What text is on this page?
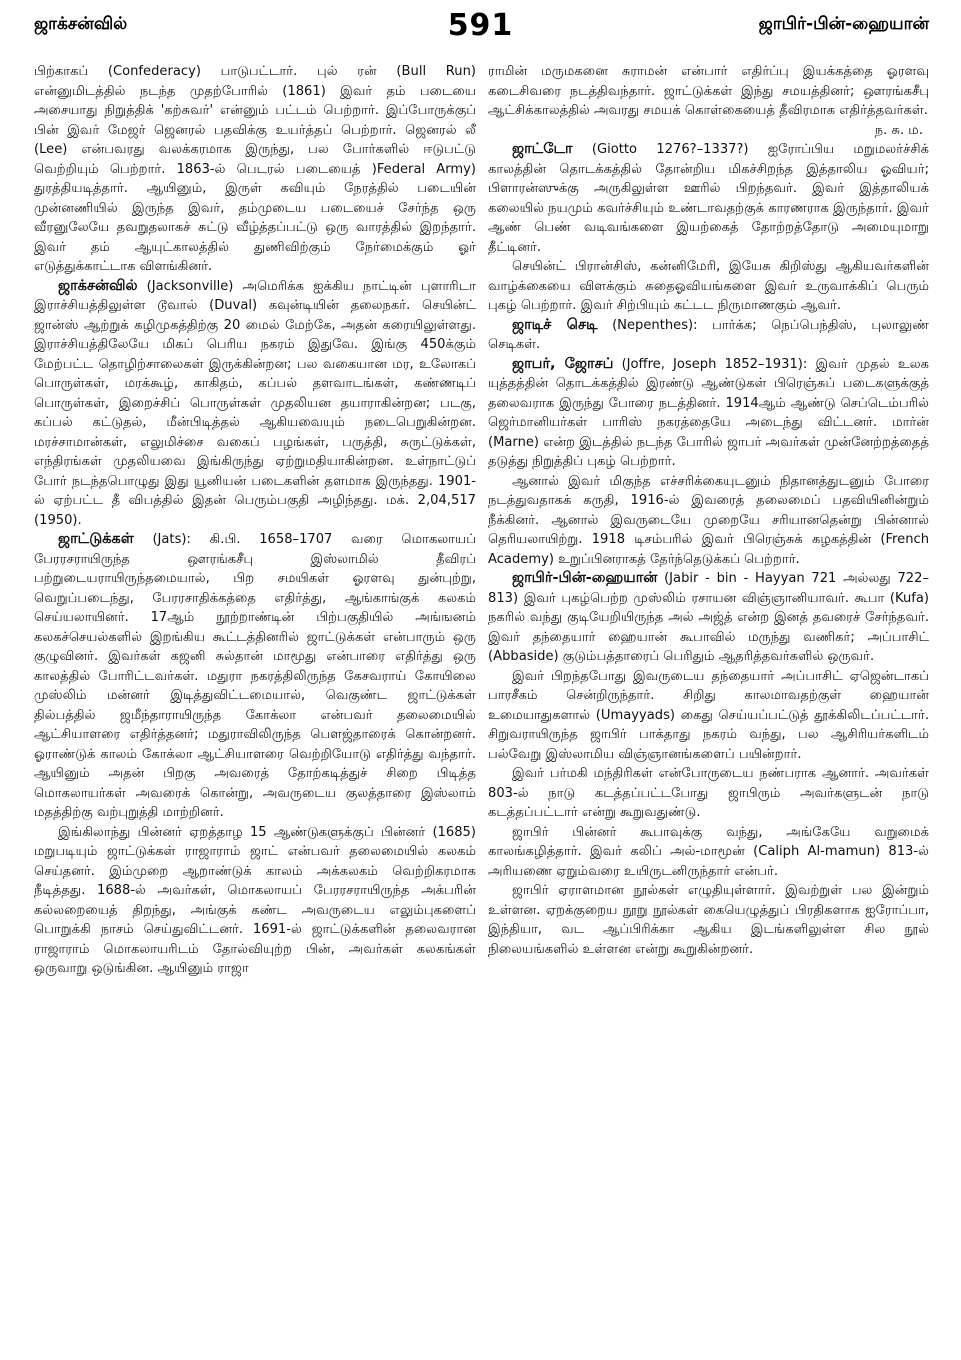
ஜாக்சன்வில்	591	ஜாபிர்-பின்-ஹையான்

பிற்காகப் (Confederacy) பாடுபட்டார். புல் ரன் (Bull Run) என்னுமிடத்தில் நடந்த முதற்போரில் (1861) இவர் தம் படையை அசையாது நிறுத்திக் 'கற்சுவர்' என்னும் பட்டம் பெற்றார். இப்போருக்குப் பின் இவர் மேஜர் ஜெனரல் பதவிக்கு உயர்த்தப் பெற்றார். ஜெனரல் லீ (Lee) என்பவரது வலக்கரமாக இருந்து, பல போர்களில் ஈடுபட்டு வெற்றியும் பெற்றார். 1863-ல் பெடரல் படையைத் )Federal Army) துரத்தியடித்தார். ஆயினும், இருள் கவியும் நேரத்தில் படையின் முன்னணியில் இருந்த இவர், தம்முடைய படையைச் சேர்ந்த ஒரு வீரனுலேயே தவறுதலாகச் சுட்டு வீழ்த்தப்பட்டு ஒரு வாரத்தில் இறந்தார். இவர் தம் ஆயுட்காலத்தில் துணிவிற்கும் நேர்மைக்கும் ஓர் எடுத்துக்காட்டாக விளங்கினர்.

ஜாக்சன்வில் (Jacksonville) அமெரிக்க ஐக்கிய நாட்டின் புளாரிடா இராச்சியத்திலுள்ள டூவால் (Duval) கவுன்டியின் தலைநகர். செயின்ட் ஜான்ஸ் ஆற்றுக் கழிமுகத்திற்கு 20 மைல் மேற்கே, அதன் கரையிலுள்ளது. இராச்சியத்திலேயே மிகப் பெரிய நகரம் இதுவே. இங்கு 450க்கும் மேற்பட்ட தொழிற்சாலைகள் இருக்கின்றன; பல வகையான மர, உலோகப் பொருள்கள், மரக்கூழ், காகிதம், கப்பல் தளவாடங்கள், கண்ணடிப் பொருள்கள், இறைச்சிப் பொருள்கள் முதலியன தயாராகின்றன; படகு, கப்பல் கட்டுதல், மீன்பிடித்தல் ஆகியவையும் நடைபெறுகின்றன. மரச்சாமான்கள், எலுமிச்சை வகைப் பழங்கள், பருத்தி, சுருட்டுக்கள், எந்திரங்கள் முதலியவை இங்கிருந்து ஏற்றுமதியாகின்றன. உள்நாட்டுப் போர் நடந்தபொழுது இது யூனியன் படைகளின் தளமாக இருந்தது. 1901-ல் ஏற்பட்ட தீ விபத்தில் இதன் பெரும்பகுதி அழிந்தது. மக். 2,04,517 (1950).

ஜாட்டுக்கள் (Jats): கி.பி. 1658–1707 வரை மொகலாயப் பேரரசராயிருந்த ஔரங்கசீபு இஸ்லாமில் தீவிரப் பற்றுடையராயிருந்தமையால், பிற சமயிகள் ஓரளவு துன்புற்று, வெறுப்படைந்து, பேரரசாதிக்கத்தை எதிர்த்து, ஆங்காங்குக் கலகம் செய்யலாயினர். 17ஆம் நூற்றாண்டின் பிற்பகுதியில் அங்ஙனம் கலகச்செயல்களில் இறங்கிய கூட்டத்தினரில் ஜாட்டுக்கள் என்பாரும் ஒரு குழுவினர். இவர்கள் கஜனி சுல்தான் மாமூது என்பாரை எதிர்த்து ஒரு காலத்தில் போரிட்டவர்கள். மதுரா நகரத்திலிருந்த கேசவராய் கோயிலை முஸ்லிம் மன்னர் இடித்துவிட்டமையால், வெகுண்ட ஜாட்டுக்கள் தில்பத்தில் ஜமீந்தாராயிருந்த கோக்லா என்பவர் தலைமையில் ஆட்சியாளரை எதிர்த்தனர்; மதுராவிலிருந்த பௌஜ்தாரைக் கொன்றனர். ஓராண்டுக் காலம் கோக்லா ஆட்சியாளரை வெற்றியோடு எதிர்த்து வந்தார். ஆயினும் அதன் பிறகு அவரைத் தோற்கடித்துச் சிறை பிடித்த மொகலாயர்கள் அவரைக் கொன்று, அவருடைய குலத்தாரை இஸ்லாம் மதத்திற்கு வற்புறுத்தி மாற்றினர்.

இங்கிலாந்து பின்னர் ஏறத்தாழ 15 ஆண்டுகளுக்குப் பின்னர் (1685) மறுபடியும் ஜாட்டுக்கள் ராஜாராம் ஜாட் என்பவர் தலைமையில் கலகம் செய்தனர். இம்முறை ஆறாண்டுக் காலம் அக்கலகம் வெற்றிகரமாக நீடித்தது. 1688-ல் அவர்கள், மொகலாயப் பேரரசராயிருந்த அக்பரின் கல்லறையைத் திறந்து, அங்குக் கண்ட அவருடைய எலும்புகளைப் பொறுக்கி நாசம் செய்துவிட்டனர். 1691-ல் ஜாட்டுக்களின் தலைவரான ராஜாராம் மொகலாயரிடம் தோல்வியுற்ற பின், அவர்கள் கலகங்கள் ஒருவாறு ஒடுங்கின. ஆயினும் ராஜா

ராமின் மருமகனை சுராமன் என்பார் எதிர்ப்பு இயக்கத்தை ஓரளவு கடைசிவரை நடத்திவந்தார். ஜாட்டுக்கள் இந்து சமயத்தினர்; ஔரங்கசீபு ஆட்சிக்காலத்தில் அவரது சமயக் கொள்கையைத் தீவிரமாக எதிர்த்தவர்கள்.

ந. சு. ம.

ஜாட்டோ (Giotto 1276?–1337?) ஐரோப்பிய மறுமலர்ச்சிக் காலத்தின் தொடக்கத்தில் தோன்றிய மிகச்சிறந்த இத்தாலிய ஓவியர்; பிளாரன்ஸுக்கு அருகிலுள்ள ஊரில் பிறந்தவர். இவர் இத்தாலியக் கலையில் நயமும் கவர்ச்சியும் உண்டாவதற்குக் காரணராக இருந்தார். இவர் ஆண் பெண் வடிவங்களை இயற்கைத் தோற்றத்தோடு அமையுமாறு தீட்டினர்.

செயின்ட் பிரான்சிஸ், கன்னிமேரி, இயேசு கிறிஸ்து ஆகியவர்களின் வாழ்க்கையை விளக்கும் சுதைஓவியங்களை இவர் உருவாக்கிப் பெரும் புகழ் பெற்றார். இவர் சிற்பியும் கட்டட நிருமாணகும் ஆவர்.

ஜாடிச் செடி (Nepenthes): பார்க்க; நெப்பெந்திஸ், புலாலுண் செடிகள்.

ஜாபர், ஜோசப் (Joffre, Joseph 1852–1931): இவர் முதல் உலக யுத்தத்தின் தொடக்கத்தில் இரண்டு ஆண்டுகள் பிரெஞ்சுப் படைகளுக்குத் தலைவராக இருந்து போரை நடத்தினர். 1914ஆம் ஆண்டு செப்டெம்பரில் ஜெர்மானியர்கள் பாரிஸ் நகரத்தையே அடைந்து விட்டனர். மார்ன் (Marne) என்ற இடத்தில் நடந்த போரில் ஜாபர் அவர்கள் முன்னேற்றத்தைத் தடுத்து நிறுத்திப் புகழ் பெற்றார்.

ஆனால் இவர் மிகுந்த எச்சரிக்கையுடனும் நிதானத்துடனும் போரை நடத்துவதாகக் கருதி, 1916-ல் இவரைத் தலைமைப் பதவியினின்றும் நீக்கினர். ஆனால் இவருடையே முறையே சரியானதென்று பின்னால் தெரியலாயிற்று. 1918 டிசம்பரில் இவர் பிரெஞ்சுக் கழகத்தின் (French Academy) உறுப்பினராகத் தேர்ந்தெடுக்கப் பெற்றார்.

ஜாபிர்-பின்-ஹையான் (Jabir - bin - Hayyan 721 அல்லது 722–813) இவர் புகழ்பெற்ற முஸ்லிம் ரசாயன விஞ்ஞானியாவர். கூபா (Kufa) நகரில் வந்து குடியேறியிருந்த அல் அஜ்த் என்ற இனத் தவரைச் சேர்ந்தவர். இவர் தந்தையார் ஹையான் கூபாவில் மருந்து வணிகர்; அப்பாசிட் (Abbaside) குடும்பத்தாரைப் பெரிதும் ஆதரித்தவர்களில் ஒருவர்.

இவர் பிறந்தபோது இவருடைய தந்தையார் அப்பாசிட் ஏஜென்டாகப் பாரசீகம் சென்றிருந்தார். சிறிது காலமாவதற்குள் ஹையான் உமையாதுகளால் (Umayyads) கைது செய்யப்பட்டுத் தூக்கிலிடப்பட்டார். சிறுவராயிருந்த ஜாபிர் பாக்தாது நகரம் வந்து, பல ஆசிரியர்களிடம் பல்வேறு இஸ்லாமிய விஞ்ஞானங்களைப் பயின்றார்.

இவர் பர்மகி மந்திரிகள் என்போருடைய நண்பராக ஆனார். அவர்கள் 803-ல் நாடு கடத்தப்பட்டபோது ஜாபிரும் அவர்களுடன் நாடு கடத்தப்பட்டார் என்று கூறுவதுண்டு.

ஜாபிர் பின்னர் கூபாவுக்கு வந்து, அங்கேயே வறுமைக் காலங்கழித்தார். இவர் கலிப் அல்-மாமூன் (Caliph Al-mamun) 813-ல் அரியணை ஏறும்வரை உயிருடனிருந்தார் என்பர்.

ஜாபிர் ஏராளமான நூல்கள் எழுதியுள்ளார். இவற்றுள் பல இன்றும் உள்ளன. ஏறக்குறைய நூறு நூல்கள் கையெழுத்துப் பிரதிகளாக ஐரோப்பா, இந்தியா, வட ஆப்பிரிக்கா ஆகிய இடங்களிலுள்ள சில நூல் நிலையங்களில் உள்ளன என்று கூறுகின்றனர்.
